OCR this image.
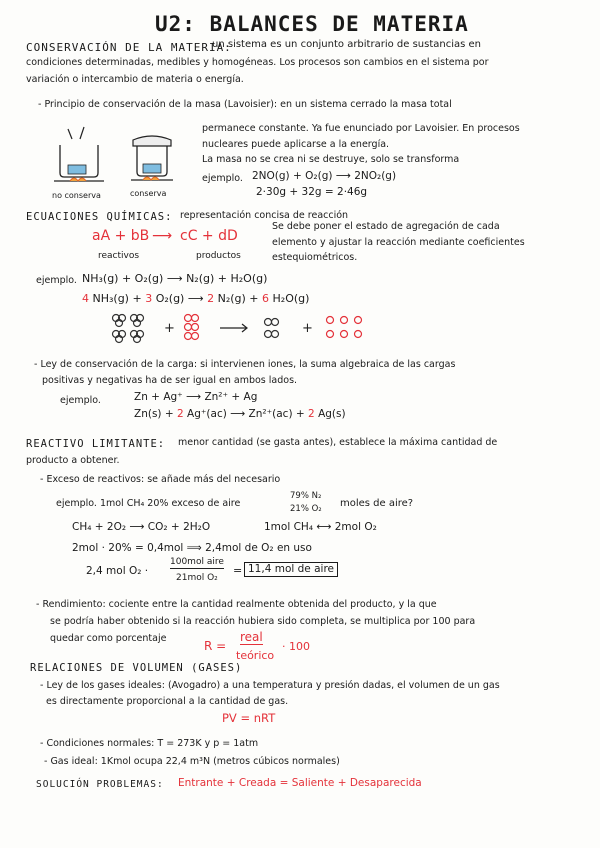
U2: BALANCES DE MATERIA
CONSERVACIÓN DE LA MATERIA:
un sistema es un conjunto arbitrario de sustancias en
condiciones determinadas, medibles y homogéneas. Los procesos son cambios en el sistema por
variación o intercambio de materia o energía.
- Principio de conservación de la masa (Lavoisier): en un sistema cerrado la masa total
no conserva	conserva
permanece constante. Ya fue enunciado por Lavoisier. En procesos
nucleares puede aplicarse a la energía.
La masa no se crea ni se destruye, solo se transforma
ejemplo. 2NO(g) + O₂(g) ⟶ 2NO₂(g)
2·30g + 32g = 2·46g
ECUACIONES QUÍMICAS: representación concisa de reacción
aA + bB ⟶ cC + dD
reactivos	productos
Se debe poner el estado de agregación de cada
elemento y ajustar la reacción mediante coeficientes
estequiométricos.
ejemplo. NH₃(g) + O₂(g) ⟶ N₂(g) + H₂O(g)
4 NH₃(g) + 3 O₂(g) ⟶ 2 N₂(g) + 6 H₂O(g)
+	+
- Ley de conservación de la carga: si intervienen iones, la suma algebraica de las cargas
positivas y negativas ha de ser igual en ambos lados.
ejemplo.	Zn + Ag⁺ ⟶ Zn²⁺ + Ag
Zn(s) + 2 Ag⁺(ac) ⟶ Zn²⁺(ac) + 2 Ag(s)
REACTIVO LIMITANTE: menor cantidad (se gasta antes), establece la máxima cantidad de
producto a obtener.
- Exceso de reactivos: se añade más del necesario
ejemplo. 1mol CH₄ 20% exceso de aire
79% N₂
21% O₂ moles de aire?
CH₄ + 2O₂ ⟶ CO₂ + 2H₂O	1mol CH₄ ⟷ 2mol O₂
2mol · 20% = 0,4mol ⟹ 2,4mol de O₂ en uso
2,4 mol O₂ ·
100mol aire
21mol O₂
= 11,4 mol de aire
- Rendimiento: cociente entre la cantidad realmente obtenida del producto, y la que
se podría haber obtenido si la reacción hubiera sido completa, se multiplica por 100 para
quedar como porcentaje
R =
real
teórico
· 100
RELACIONES DE VOLUMEN (GASES)
- Ley de los gases ideales: (Avogadro) a una temperatura y presión dadas, el volumen de un gas
es directamente proporcional a la cantidad de gas.
PV = nRT
- Condiciones normales: T = 273K y p = 1atm
- Gas ideal: 1Kmol ocupa 22,4 m³N (metros cúbicos normales)
SOLUCIÓN PROBLEMAS: Entrante + Creada = Saliente + Desaparecida
